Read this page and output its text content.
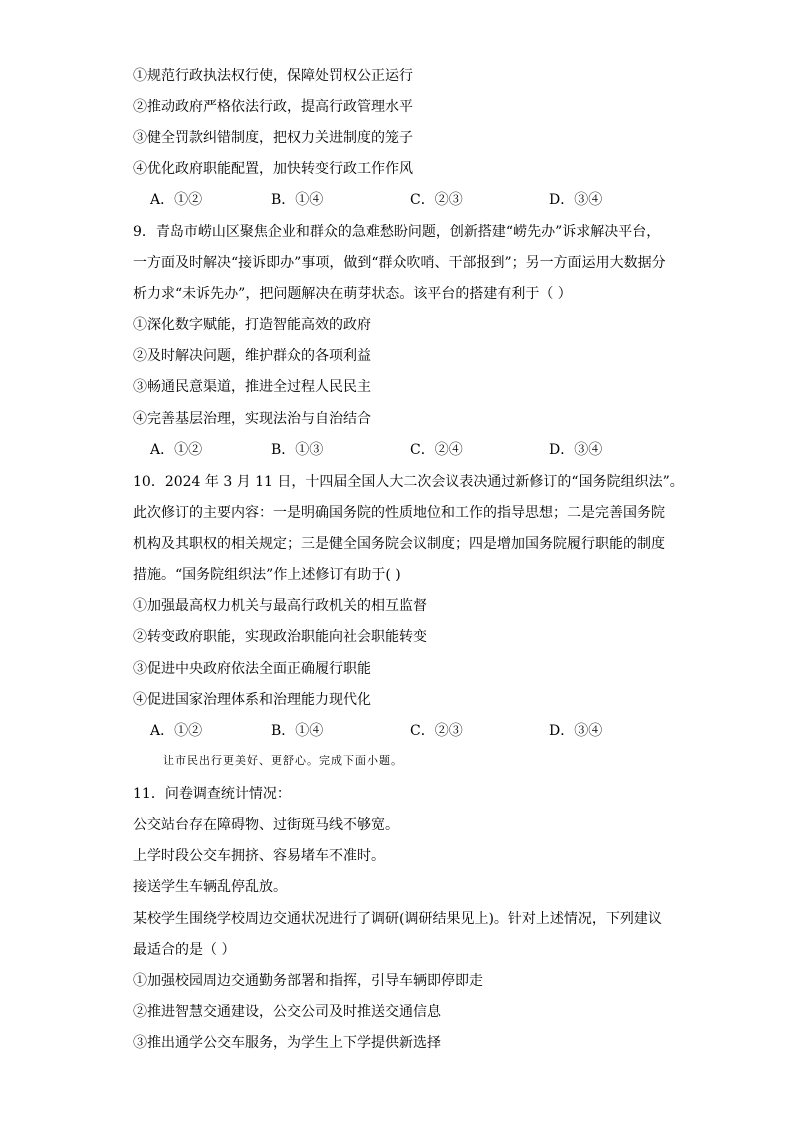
①规范行政执法权行使，保障处罚权公正运行
②推动政府严格依法行政，提高行政管理水平
③健全罚款纠错制度，把权力关进制度的笼子
④优化政府职能配置，加快转变行政工作作风
A．①②	B．①④	C．②③	D．③④
9．青岛市崂山区聚焦企业和群众的急难愁盼问题，创新搭建“崂先办”诉求解决平台，
一方面及时解决“接诉即办”事项，做到“群众吹哨、干部报到”；另一方面运用大数据分
析力求“未诉先办”，把问题解决在萌芽状态。该平台的搭建有利于（ ）
①深化数字赋能，打造智能高效的政府
②及时解决问题，维护群众的各项利益
③畅通民意渠道，推进全过程人民民主
④完善基层治理，实现法治与自治结合
A．①②	B．①③	C．②④	D．③④
10．2024 年 3 月 11 日，十四届全国人大二次会议表决通过新修订的“国务院组织法”。
此次修订的主要内容：一是明确国务院的性质地位和工作的指导思想；二是完善国务院
机构及其职权的相关规定；三是健全国务院会议制度；四是增加国务院履行职能的制度
措施。“国务院组织法”作上述修订有助于( )
①加强最高权力机关与最高行政机关的相互监督
②转变政府职能，实现政治职能向社会职能转变
③促进中央政府依法全面正确履行职能
④促进国家治理体系和治理能力现代化
A．①②	B．①④	C．②③	D．③④
让市民出行更美好、更舒心。完成下面小题。
11．问卷调查统计情况：
公交站台存在障碍物、过街斑马线不够宽。
上学时段公交车拥挤、容易堵车不准时。
接送学生车辆乱停乱放。
某校学生围绕学校周边交通状况进行了调研(调研结果见上)。针对上述情况，下列建议
最适合的是（ ）
①加强校园周边交通勤务部署和指挥，引导车辆即停即走
②推进智慧交通建设，公交公司及时推送交通信息
③推出通学公交车服务，为学生上下学提供新选择
